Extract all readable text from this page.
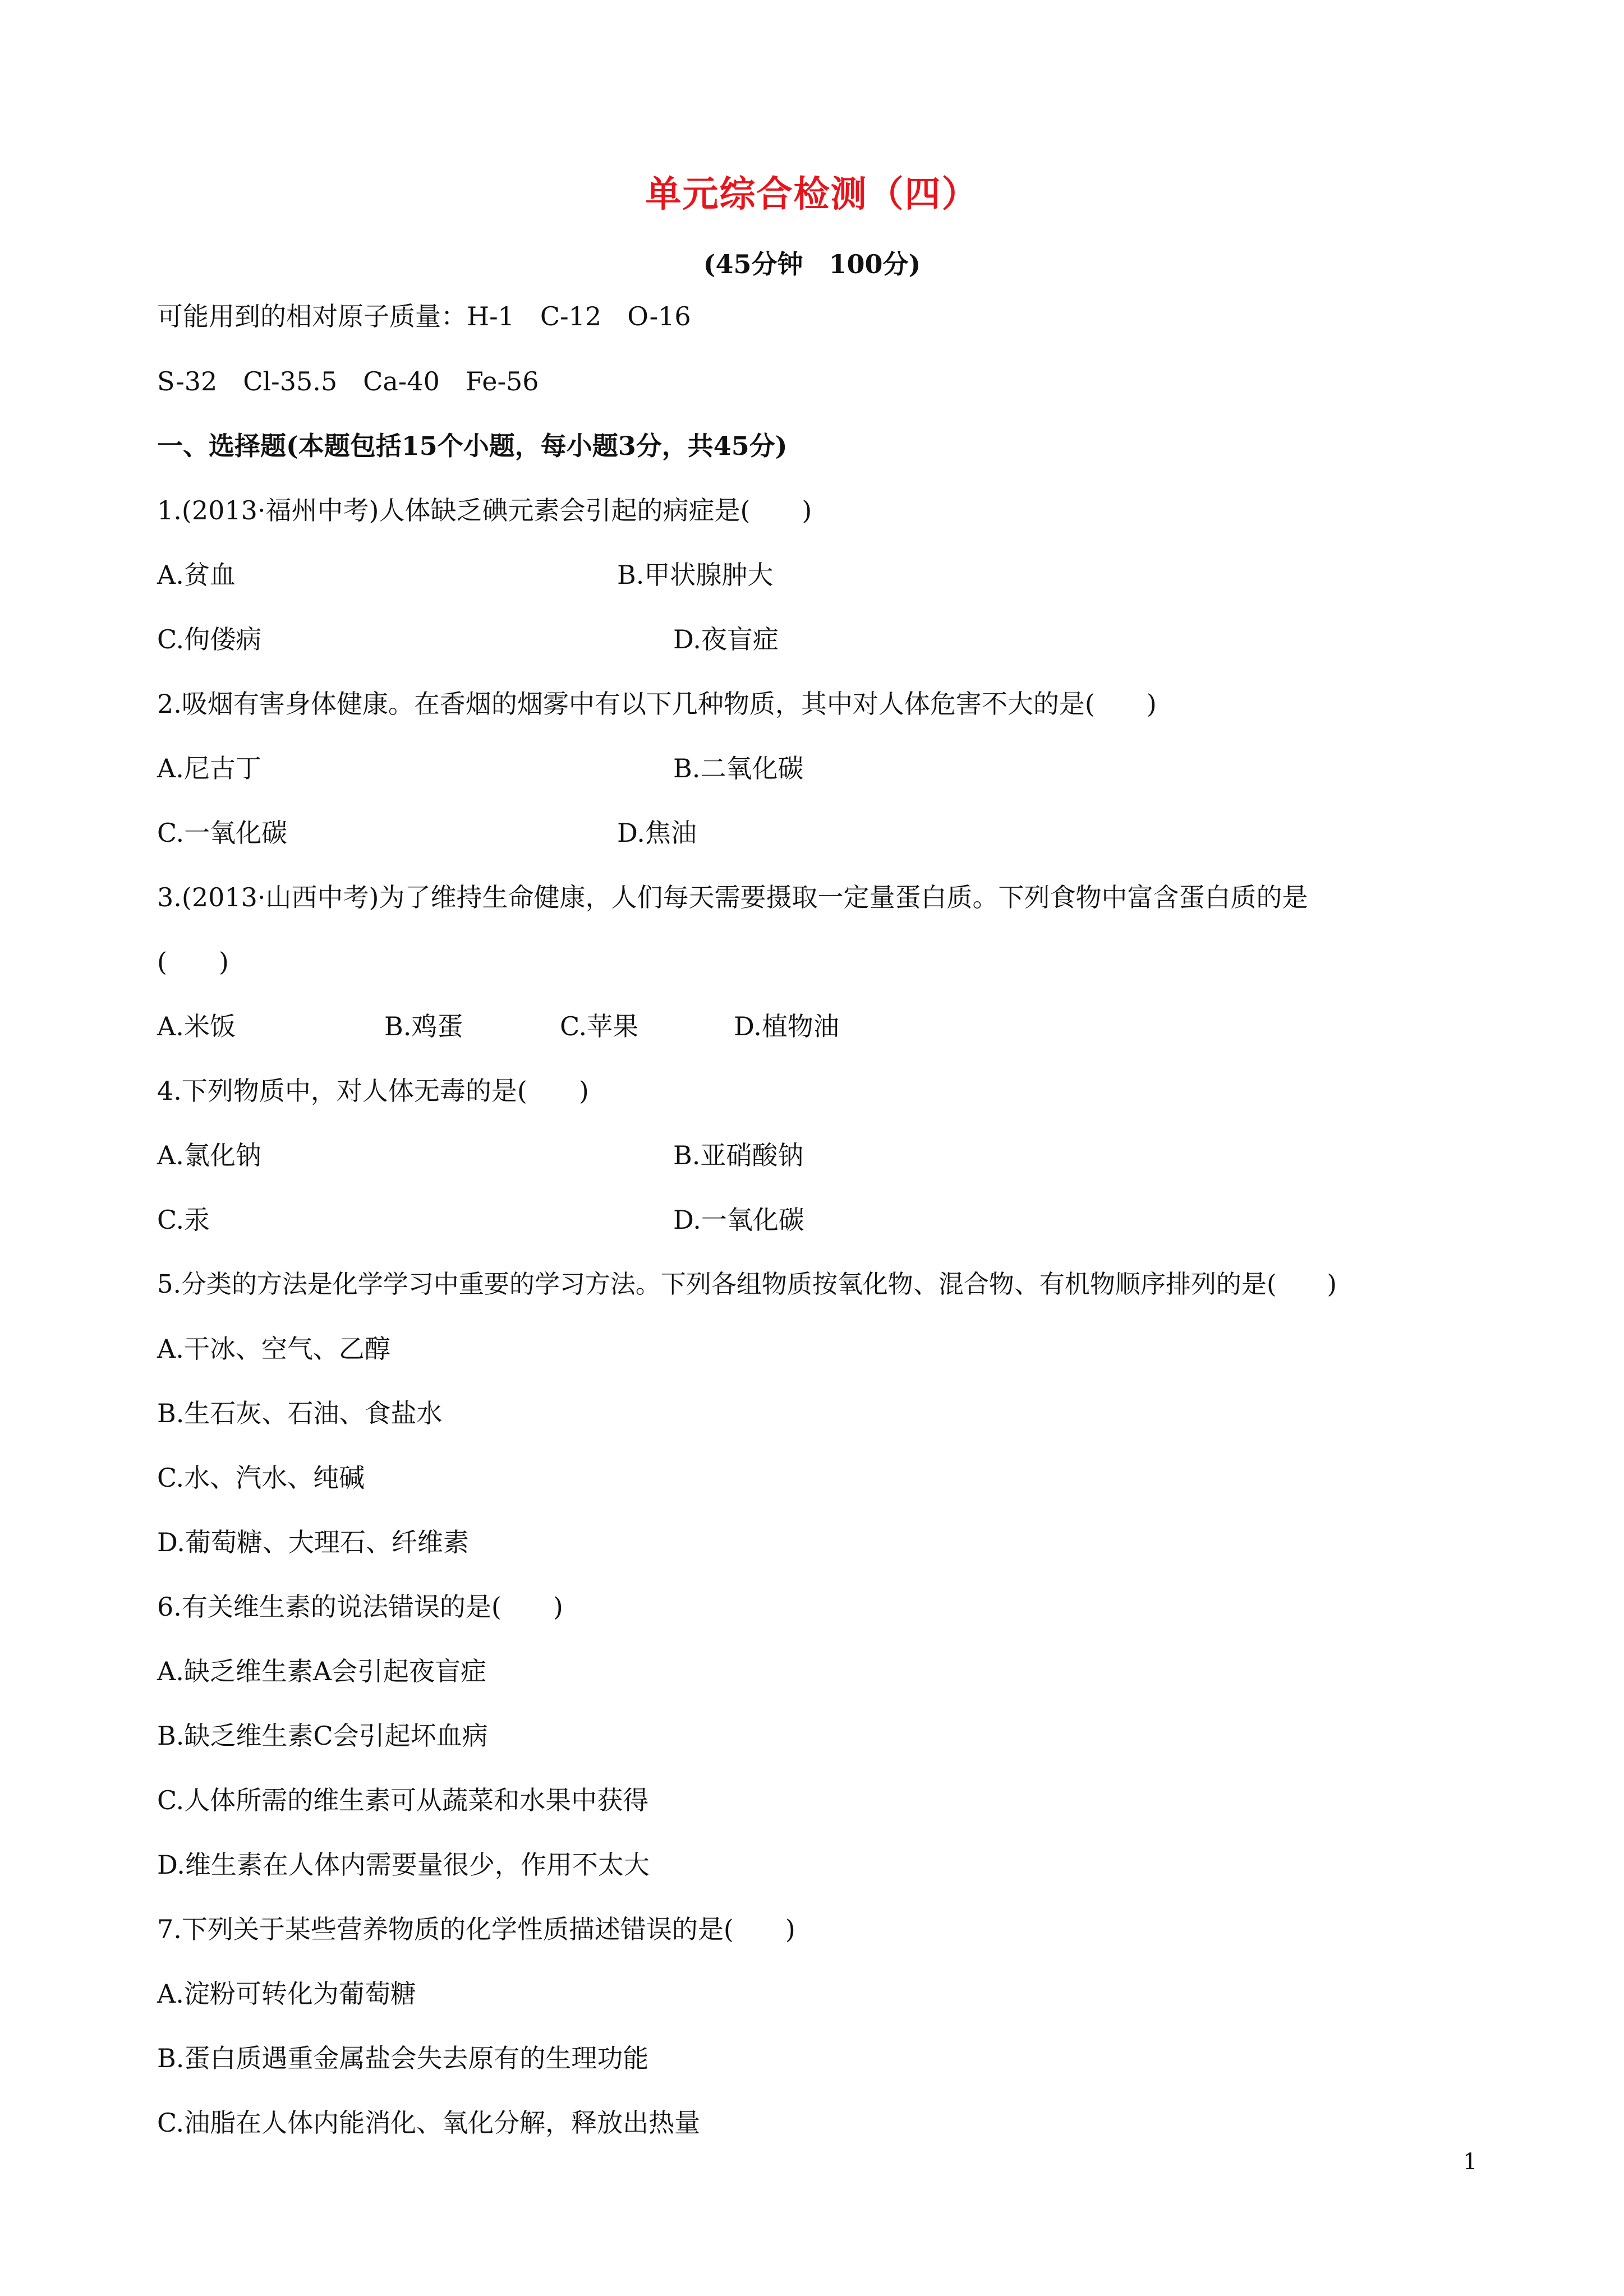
单元综合检测（四）
(45分钟　100分)
可能用到的相对原子质量：H-1　C-12　O-16
S-32　Cl-35.5　Ca-40　Fe-56
一、选择题(本题包括15个小题，每小题3分，共45分)
1.(2013·福州中考)人体缺乏碘元素会引起的病症是(　　)
A.贫血	B.甲状腺肿大
C.佝偻病	D.夜盲症
2.吸烟有害身体健康。在香烟的烟雾中有以下几种物质，其中对人体危害不大的是(　　)
A.尼古丁	B.二氧化碳
C.一氧化碳	D.焦油
3.(2013·山西中考)为了维持生命健康，人们每天需要摄取一定量蛋白质。下列食物中富含蛋白质的是
(　　)
A.米饭	B.鸡蛋	C.苹果	D.植物油
4.下列物质中，对人体无毒的是(　　)
A.氯化钠	B.亚硝酸钠
C.汞	D.一氧化碳
5.分类的方法是化学学习中重要的学习方法。下列各组物质按氧化物、混合物、有机物顺序排列的是(　　)
A.干冰、空气、乙醇
B.生石灰、石油、食盐水
C.水、汽水、纯碱
D.葡萄糖、大理石、纤维素
6.有关维生素的说法错误的是(　　)
A.缺乏维生素A会引起夜盲症
B.缺乏维生素C会引起坏血病
C.人体所需的维生素可从蔬菜和水果中获得
D.维生素在人体内需要量很少，作用不太大
7.下列关于某些营养物质的化学性质描述错误的是(　　)
A.淀粉可转化为葡萄糖
B.蛋白质遇重金属盐会失去原有的生理功能
C.油脂在人体内能消化、氧化分解，释放出热量
1
